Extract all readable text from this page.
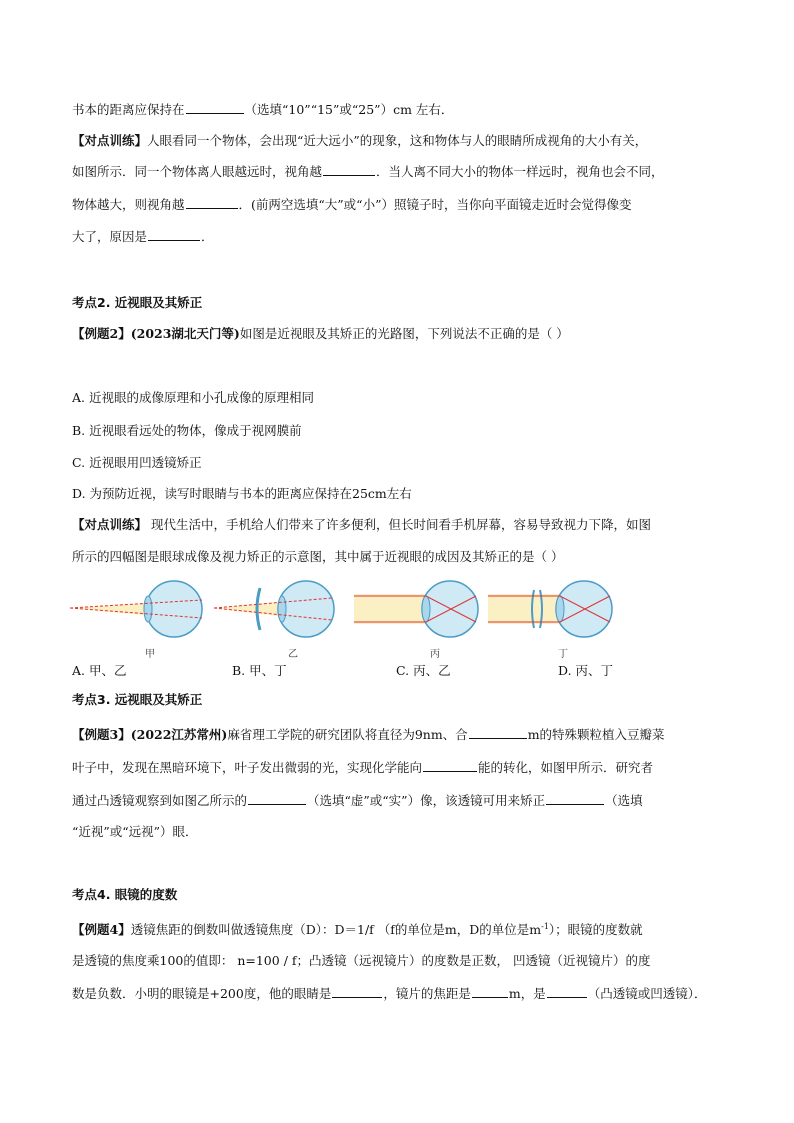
书本的距离应保持在	（选填“10”“15”或“25”）cm 左右．
【对点训练】人眼看同一个物体，会出现“近大远小”的现象，这和物体与人的眼睛所成视角的大小有关，
如图所示．同一个物体离人眼越远时，视角越	．当人离不同大小的物体一样远时，视角也会不同，
物体越大，则视角越	．(前两空选填“大”或“小”）照镜子时，当你向平面镜走近时会觉得像变
大了，原因是	．
考点2. 近视眼及其矫正
【例题2】(2023湖北天门等)如图是近视眼及其矫正的光路图，下列说法不正确的是（ ）
A. 近视眼的成像原理和小孔成像的原理相同
B. 近视眼看远处的物体，像成于视网膜前
C. 近视眼用凹透镜矫正
D. 为预防近视，读写时眼睛与书本的距离应保持在25cm左右
【对点训练】 现代生活中，手机给人们带来了许多便利，但长时间看手机屏幕，容易导致视力下降，如图
所示的四幅图是眼球成像及视力矫正的示意图，其中属于近视眼的成因及其矫正的是（ ）
甲	乙	丙	丁
A. 甲、乙	B. 甲、丁	C. 丙、乙	D. 丙、丁
考点3. 远视眼及其矫正
【例题3】(2022江苏常州)麻省理工学院的研究团队将直径为9nm、合	m的特殊颗粒植入豆瓣菜
叶子中，发现在黑暗环境下，叶子发出微弱的光，实现化学能向	能的转化，如图甲所示．研究者
通过凸透镜观察到如图乙所示的	（选填“虚”或“实”）像，该透镜可用来矫正	（选填
“近视”或“远视”）眼．
考点4. 眼镜的度数
【例题4】透镜焦距的倒数叫做透镜焦度（D）：D＝1/f （f的单位是m，D的单位是$m^{-1}$）；眼镜的度数就
是透镜的焦度乘100的值即： n=100 / f；凸透镜（远视镜片）的度数是正数， 凹透镜（近视镜片）的度
数是负数．小明的眼镜是+200度，他的眼睛是	，镜片的焦距是	m，是	（凸透镜或凹透镜）．
